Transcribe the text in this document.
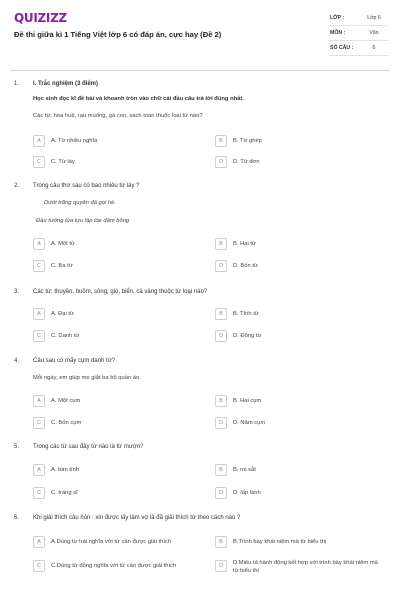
QUIZIZZ
Đề thi giữa kì 1 Tiếng Việt lớp 6 có đáp án, cực hay (Đề 2)
LỚP :	Lớp 6
MÔN :	Văn
SỐ CÂU :	6
1. I. Trắc nghiệm (3 điểm)
Học sinh đọc kĩ đề bài và khoanh tròn vào chữ cái đầu câu trả lời đúng nhất.
Các từ: hoa huệ, rau muống, gà con, sách toán thuộc loại từ nào?
A	A. Từ nhiều nghĩa	B	B. Từ ghép
C	C. Từ láy	D	D. Từ đơn
2. Trong câu thơ sau có bao nhiêu từ láy ?
Dưới trăng quyên đã gọi hè.
Đầu tường lửa lựu lập lòe đâm bông
A	A. Một từ	B	B. Hai từ
C	C. Ba từ	D	D. Bốn từ
3. Các từ: thuyền, buồm, sông, gió, biển, cá vàng thuộc từ loại nào?
A	A. Đại từ	B	B. Tính từ
C	C. Danh từ	D	D. Động từ
4. Câu sau có mấy cụm danh từ?
Mỗi ngày, em giúp mẹ giặt ba bộ quần áo.
A	A. Một cụm	B	B. Hai cụm
C	C. Bốn cụm	D	D. Năm cụm
5. Trong các từ sau đây từ nào là từ mượn?
A	A. bàn tính	B	B. roi sắt
C	C. tráng sĩ	D	D. lấp lánh
6. Khi giải thích câu hỏn : xin được lấy làm vợ là đã giải thích từ theo cách nào ?
A	A.Dùng từ trái nghĩa với từ cần được giải thích	B	B.Trình bày khái niệm mà từ biểu thị
C	C.Dùng từ đồng nghĩa với từ cần được giải thích	D	D.Miêu tả hành động kết hợp với trình bày khái niệm mà từ biểu thị
